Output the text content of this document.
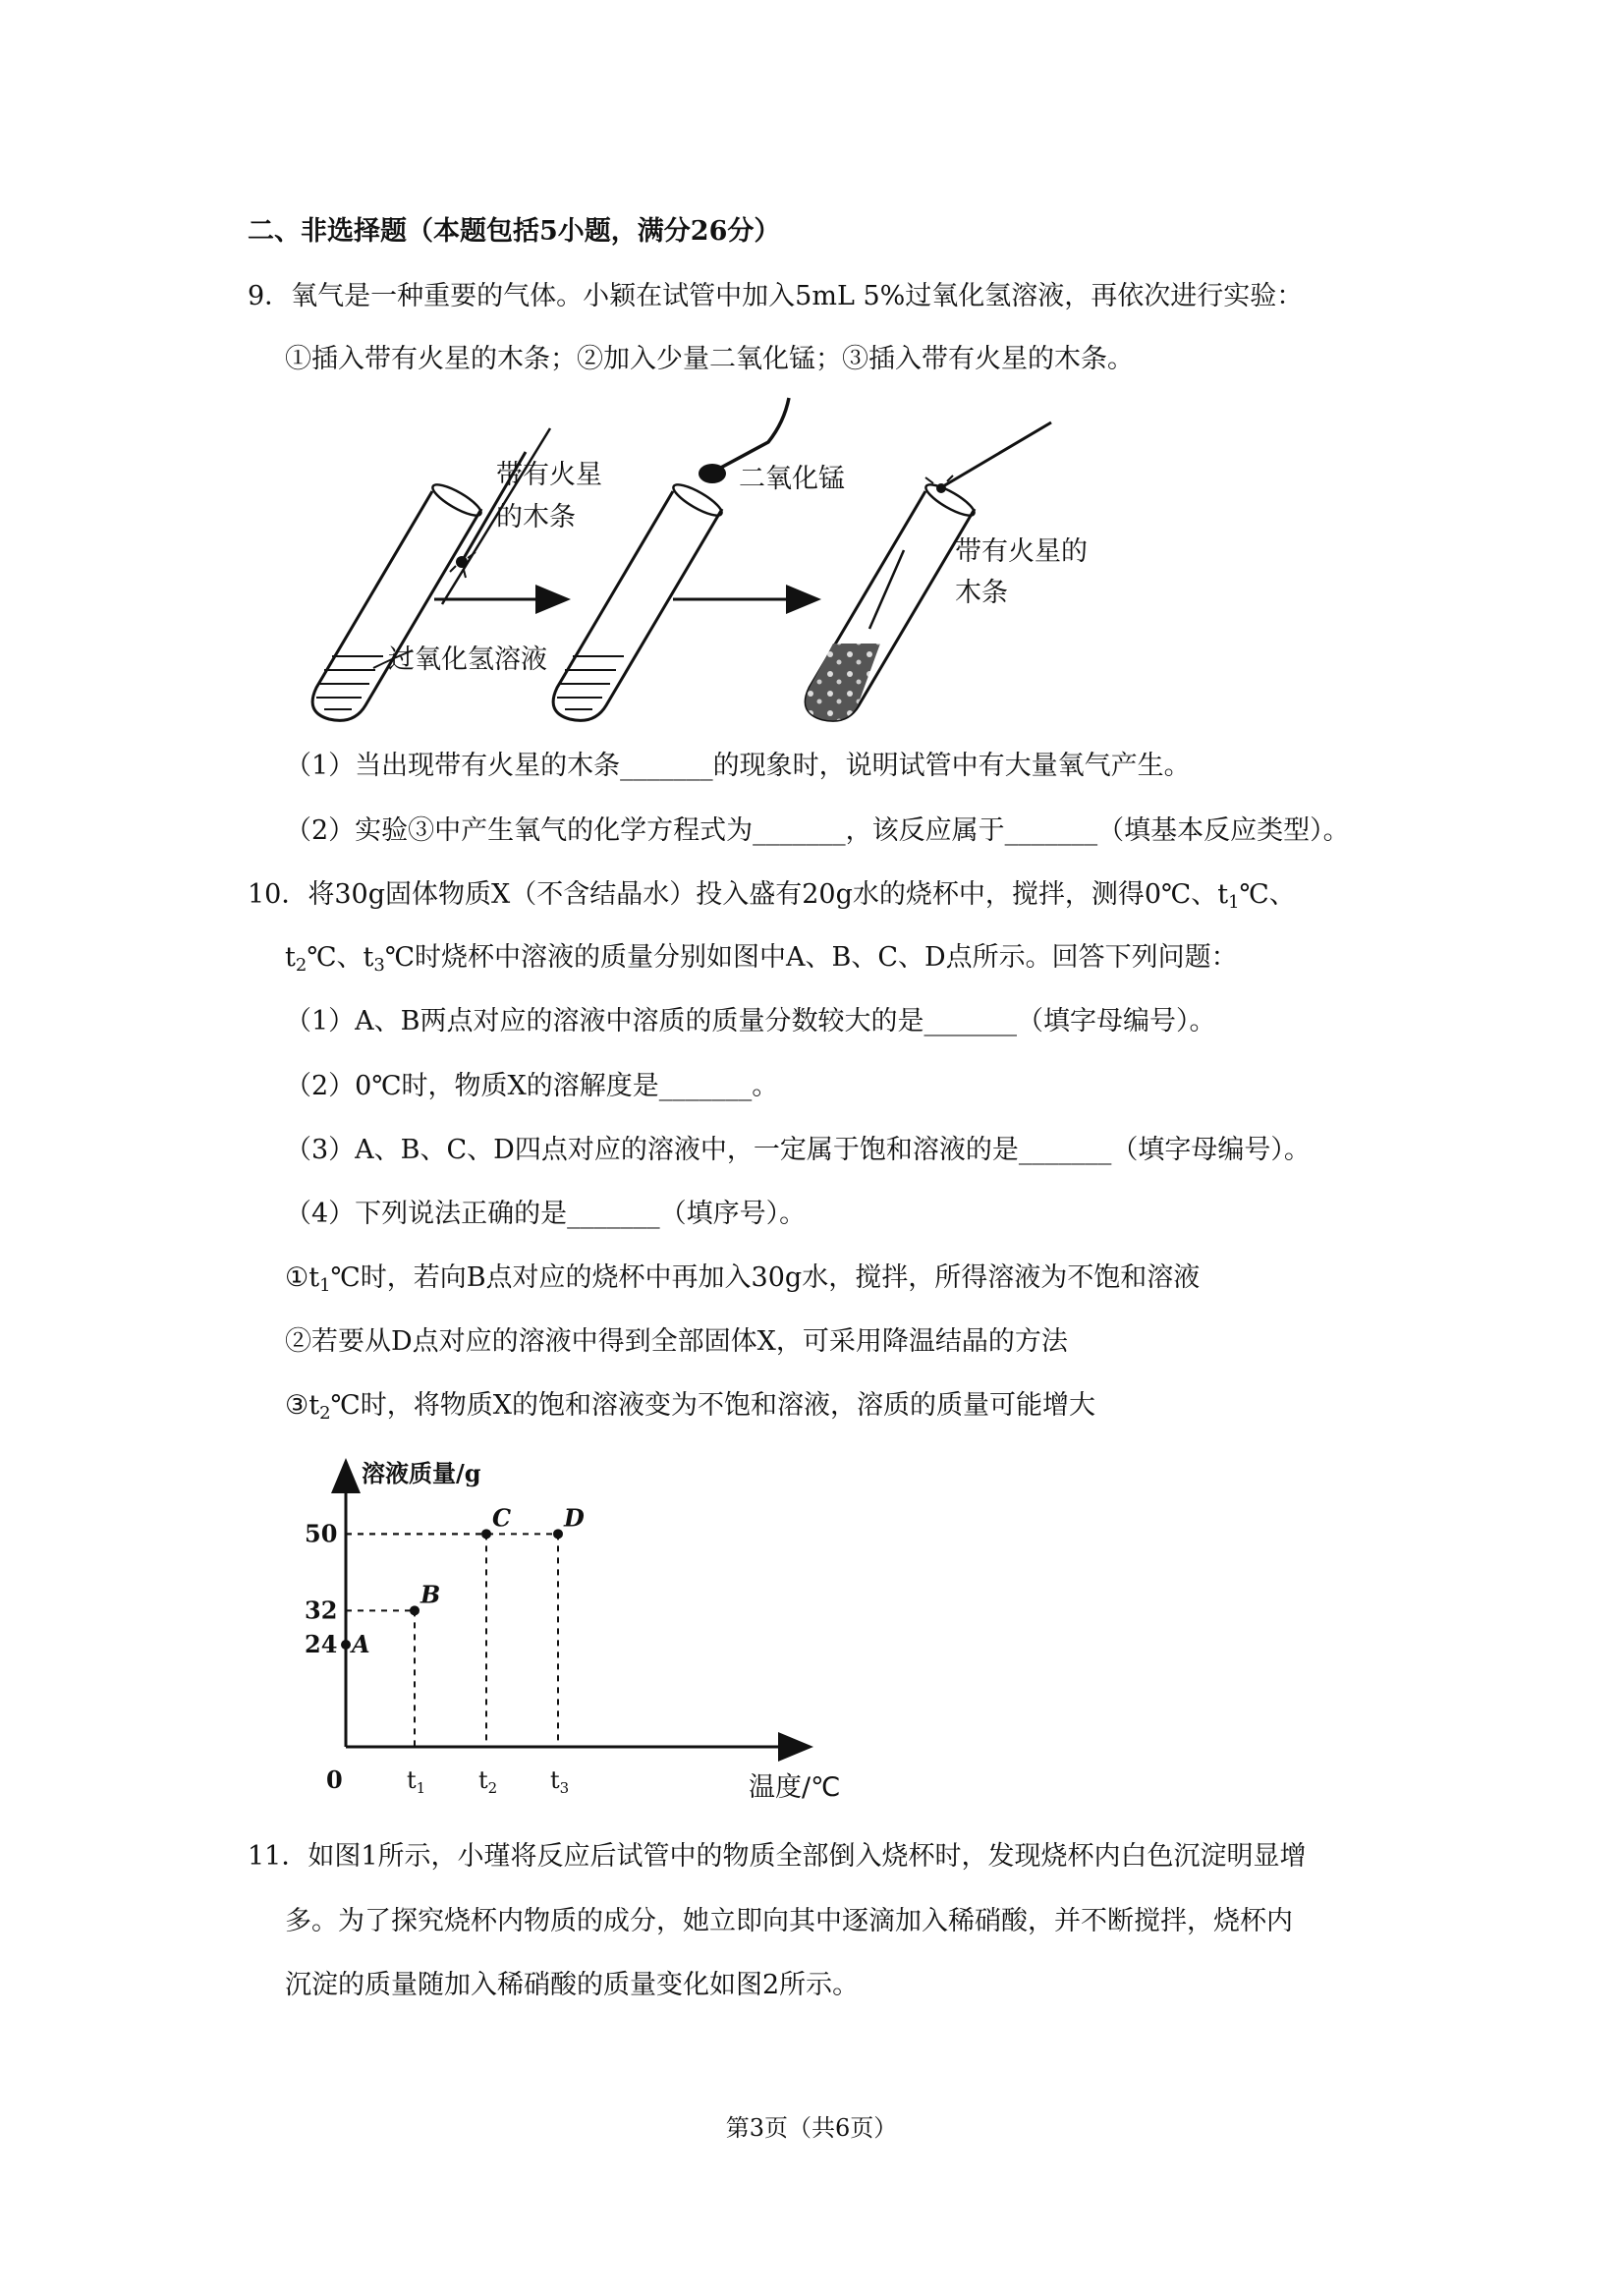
二、非选择题（本题包括5小题，满分26分）
9．氧气是一种重要的气体。小颖在试管中加入5mL 5%过氧化氢溶液，再依次进行实验：
①插入带有火星的木条；②加入少量二氧化锰；③插入带有火星的木条。
带有火星
的木条
过氧化氢溶液
二氧化锰
带有火星的
木条
（1）当出现带有火星的木条_______的现象时，说明试管中有大量氧气产生。
（2）实验③中产生氧气的化学方程式为_______，该反应属于_______（填基本反应类型）。
10．将30g固体物质X（不含结晶水）投入盛有20g水的烧杯中，搅拌，测得0℃、$t_1℃$、
$t_2℃$、$t_3℃$时烧杯中溶液的质量分别如图中A、B、C、D点所示。回答下列问题：
（1）A、B两点对应的溶液中溶质的质量分数较大的是_______（填字母编号）。
（2）0℃时，物质X的溶解度是_______。
（3）A、B、C、D四点对应的溶液中，一定属于饱和溶液的是_______（填字母编号）。
（4）下列说法正确的是_______（填序号）。
$①t_1℃$时，若向B点对应的烧杯中再加入30g水，搅拌，所得溶液为不饱和溶液
②若要从D点对应的溶液中得到全部固体X，可采用降温结晶的方法
$③t_2℃$时，将物质X的饱和溶液变为不饱和溶液，溶质的质量可能增大
溶液质量/g
温度/℃
0	$t_1$ $t_2$ $t_3$
24
32
50
A
B
C D
11．如图1所示，小瑾将反应后试管中的物质全部倒入烧杯时，发现烧杯内白色沉淀明显增
多。为了探究烧杯内物质的成分，她立即向其中逐滴加入稀硝酸，并不断搅拌，烧杯内
沉淀的质量随加入稀硝酸的质量变化如图2所示。
第3页（共6页）
